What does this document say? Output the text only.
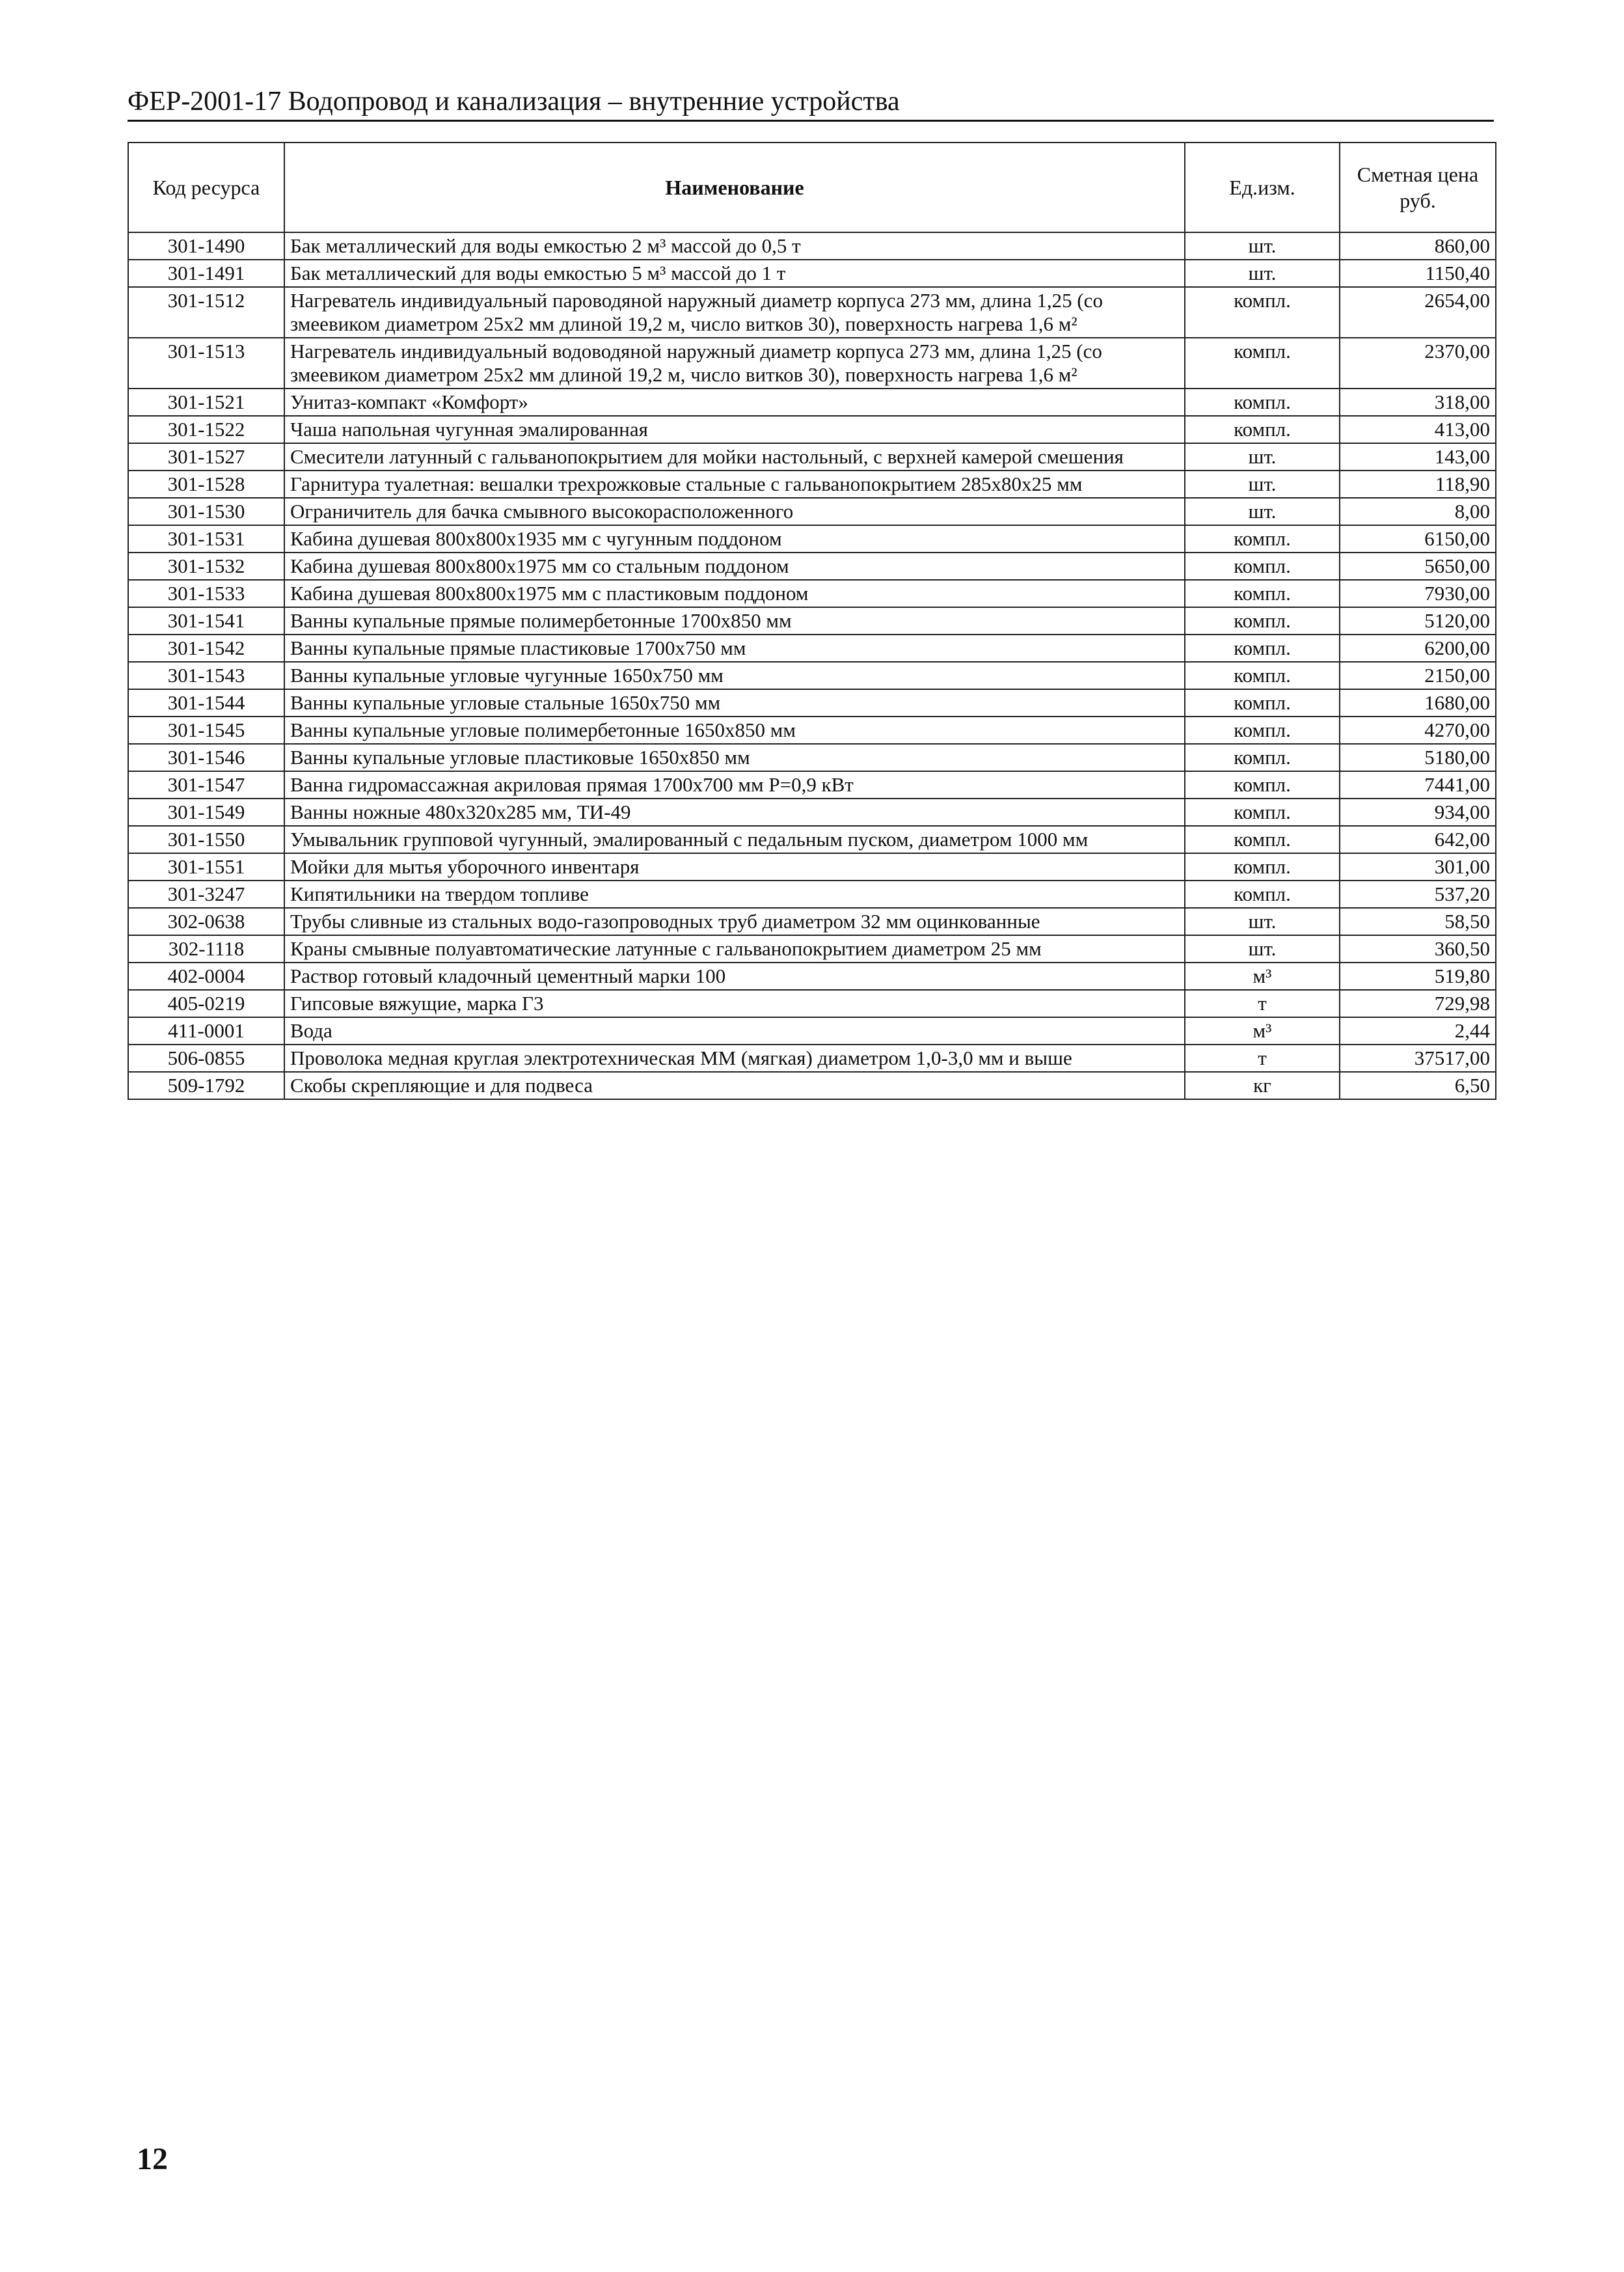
ФЕР-2001-17 Водопровод и канализация – внутренние устройства
Код ресурса	Наименование	Ед.изм.	Сметная цена руб.
301-1490	Бак металлический для воды емкостью 2 м³ массой до 0,5 т	шт.	860,00
301-1491	Бак металлический для воды емкостью 5 м³ массой до 1 т	шт.	1150,40
301-1512	Нагреватель индивидуальный пароводяной наружный диаметр корпуса 273 мм, длина 1,25 (со змеевиком диаметром 25х2 мм длиной 19,2 м, число витков 30), поверхность нагрева 1,6 м²	компл.	2654,00
301-1513	Нагреватель индивидуальный водоводяной наружный диаметр корпуса 273 мм, длина 1,25 (со змеевиком диаметром 25х2 мм длиной 19,2 м, число витков 30), поверхность нагрева 1,6 м²	компл.	2370,00
301-1521	Унитаз-компакт «Комфорт»	компл.	318,00
301-1522	Чаша напольная чугунная эмалированная	компл.	413,00
301-1527	Смесители латунный с гальванопокрытием для мойки настольный, с верхней камерой смешения	шт.	143,00
301-1528	Гарнитура туалетная: вешалки трехрожковые стальные с гальванопокрытием 285х80х25 мм	шт.	118,90
301-1530	Ограничитель для бачка смывного высокорасположенного	шт.	8,00
301-1531	Кабина душевая 800х800х1935 мм с чугунным поддоном	компл.	6150,00
301-1532	Кабина душевая 800х800х1975 мм со стальным поддоном	компл.	5650,00
301-1533	Кабина душевая 800х800х1975 мм с пластиковым поддоном	компл.	7930,00
301-1541	Ванны купальные прямые полимербетонные 1700х850 мм	компл.	5120,00
301-1542	Ванны купальные прямые пластиковые 1700х750 мм	компл.	6200,00
301-1543	Ванны купальные угловые чугунные 1650х750 мм	компл.	2150,00
301-1544	Ванны купальные угловые стальные 1650х750 мм	компл.	1680,00
301-1545	Ванны купальные угловые полимербетонные 1650х850 мм	компл.	4270,00
301-1546	Ванны купальные угловые пластиковые 1650х850 мм	компл.	5180,00
301-1547	Ванна гидромассажная акриловая прямая 1700х700 мм Р=0,9 кВт	компл.	7441,00
301-1549	Ванны ножные 480х320х285 мм, ТИ-49	компл.	934,00
301-1550	Умывальник групповой чугунный, эмалированный с педальным пуском, диаметром 1000 мм	компл.	642,00
301-1551	Мойки для мытья уборочного инвентаря	компл.	301,00
301-3247	Кипятильники на твердом топливе	компл.	537,20
302-0638	Трубы сливные из стальных водо-газопроводных труб диаметром 32 мм оцинкованные	шт.	58,50
302-1118	Краны смывные полуавтоматические латунные с гальванопокрытием диаметром 25 мм	шт.	360,50
402-0004	Раствор готовый кладочный цементный марки 100	м³	519,80
405-0219	Гипсовые вяжущие, марка Г3	т	729,98
411-0001	Вода	м³	2,44
506-0855	Проволока медная круглая электротехническая ММ (мягкая) диаметром 1,0-3,0 мм и выше	т	37517,00
509-1792	Скобы скрепляющие и для подвеса	кг	6,50
12
